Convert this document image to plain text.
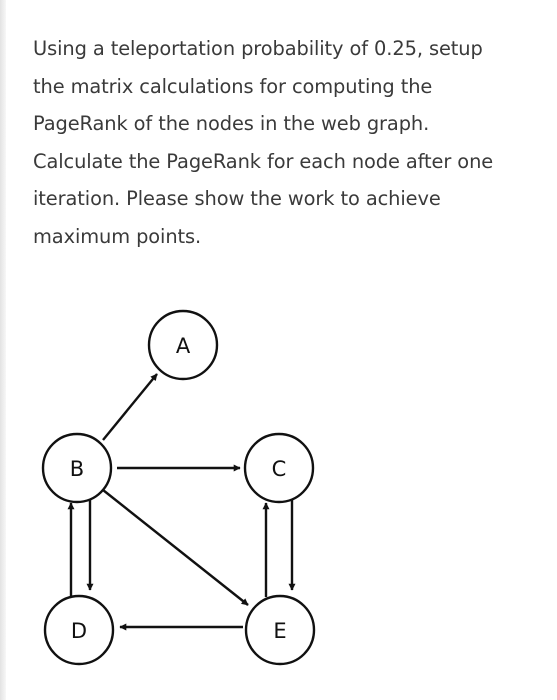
Using a teleportation probability of 0.25, setup
the matrix calculations for computing the
PageRank of the nodes in the web graph.
Calculate the PageRank for each node after one
iteration. Please show the work to achieve
maximum points.

A
B	C
D	E
